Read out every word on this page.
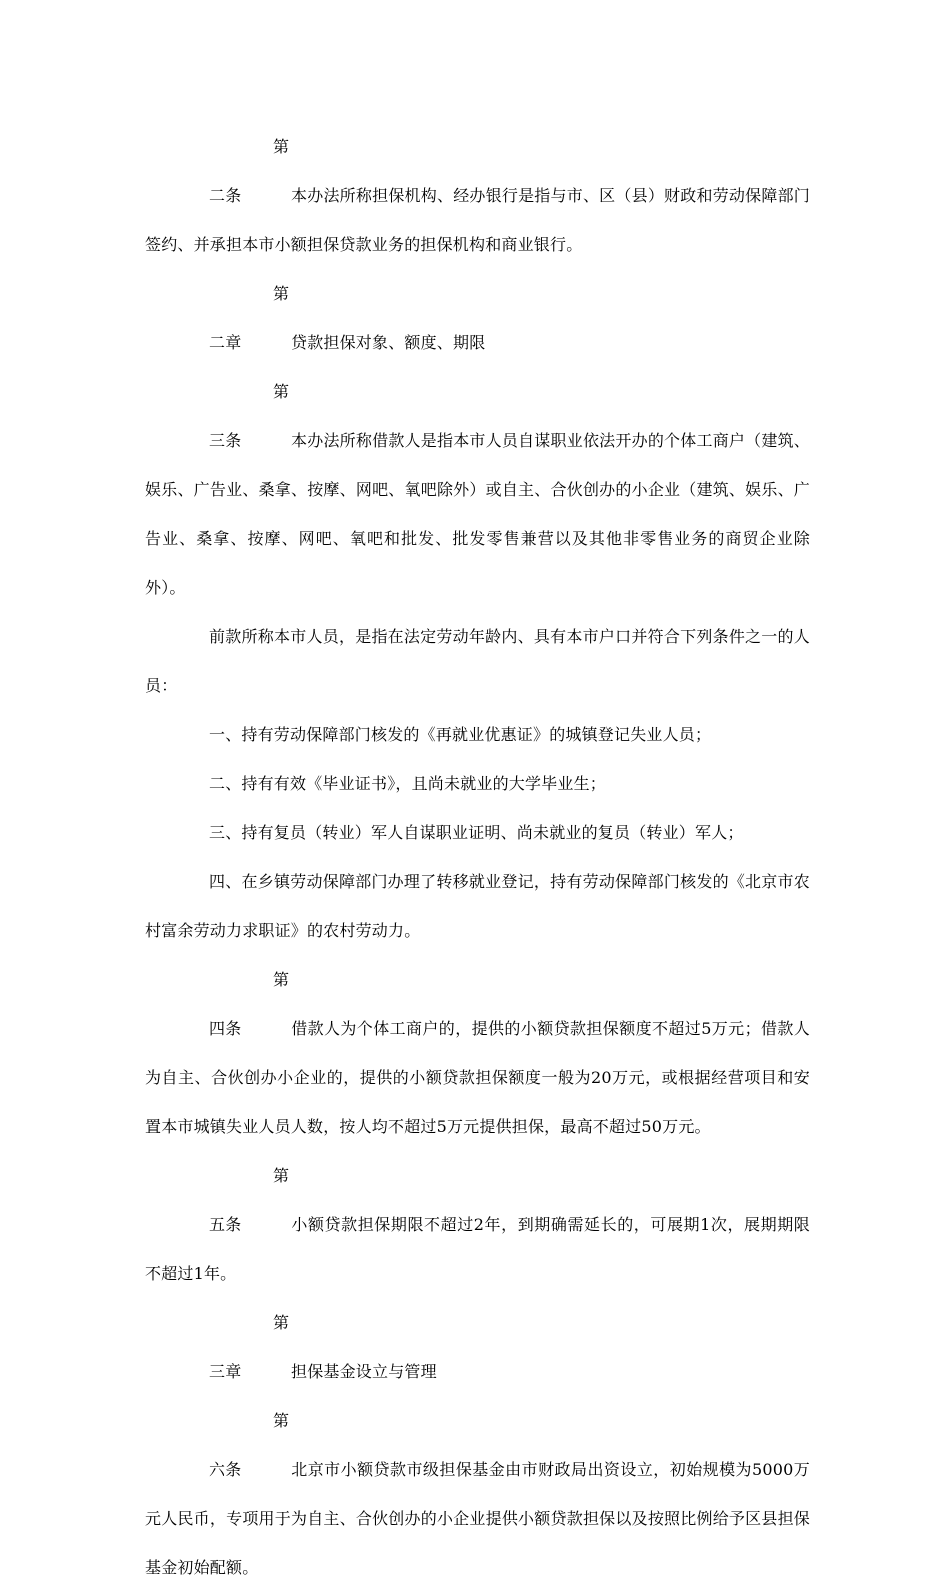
第二条	本办法所称担保机构、经办银行是指与市、区（县）财政和劳动保障部门签约、并承担本市小额担保贷款业务的担保机构和商业银行。

第二章	贷款担保对象、额度、期限

第三条	本办法所称借款人是指本市人员自谋职业依法开办的个体工商户（建筑、娱乐、广告业、桑拿、按摩、网吧、氧吧除外）或自主、合伙创办的小企业（建筑、娱乐、广告业、桑拿、按摩、网吧、氧吧和批发、批发零售兼营以及其他非零售业务的商贸企业除外）。

前款所称本市人员，是指在法定劳动年龄内、具有本市户口并符合下列条件之一的人员：

一、持有劳动保障部门核发的《再就业优惠证》的城镇登记失业人员；

二、持有有效《毕业证书》，且尚未就业的大学毕业生；

三、持有复员（转业）军人自谋职业证明、尚未就业的复员（转业）军人；

四、在乡镇劳动保障部门办理了转移就业登记，持有劳动保障部门核发的《北京市农村富余劳动力求职证》的农村劳动力。

第四条	借款人为个体工商户的，提供的小额贷款担保额度不超过5万元；借款人为自主、合伙创办小企业的，提供的小额贷款担保额度一般为20万元，或根据经营项目和安置本市城镇失业人员人数，按人均不超过5万元提供担保，最高不超过50万元。

第五条	小额贷款担保期限不超过2年，到期确需延长的，可展期1次，展期期限不超过1年。

第三章	担保基金设立与管理

第六条	北京市小额贷款市级担保基金由市财政局出资设立，初始规模为5000万元人民币，专项用于为自主、合伙创办的小企业提供小额贷款担保以及按照比例给予区县担保基金初始配额。
